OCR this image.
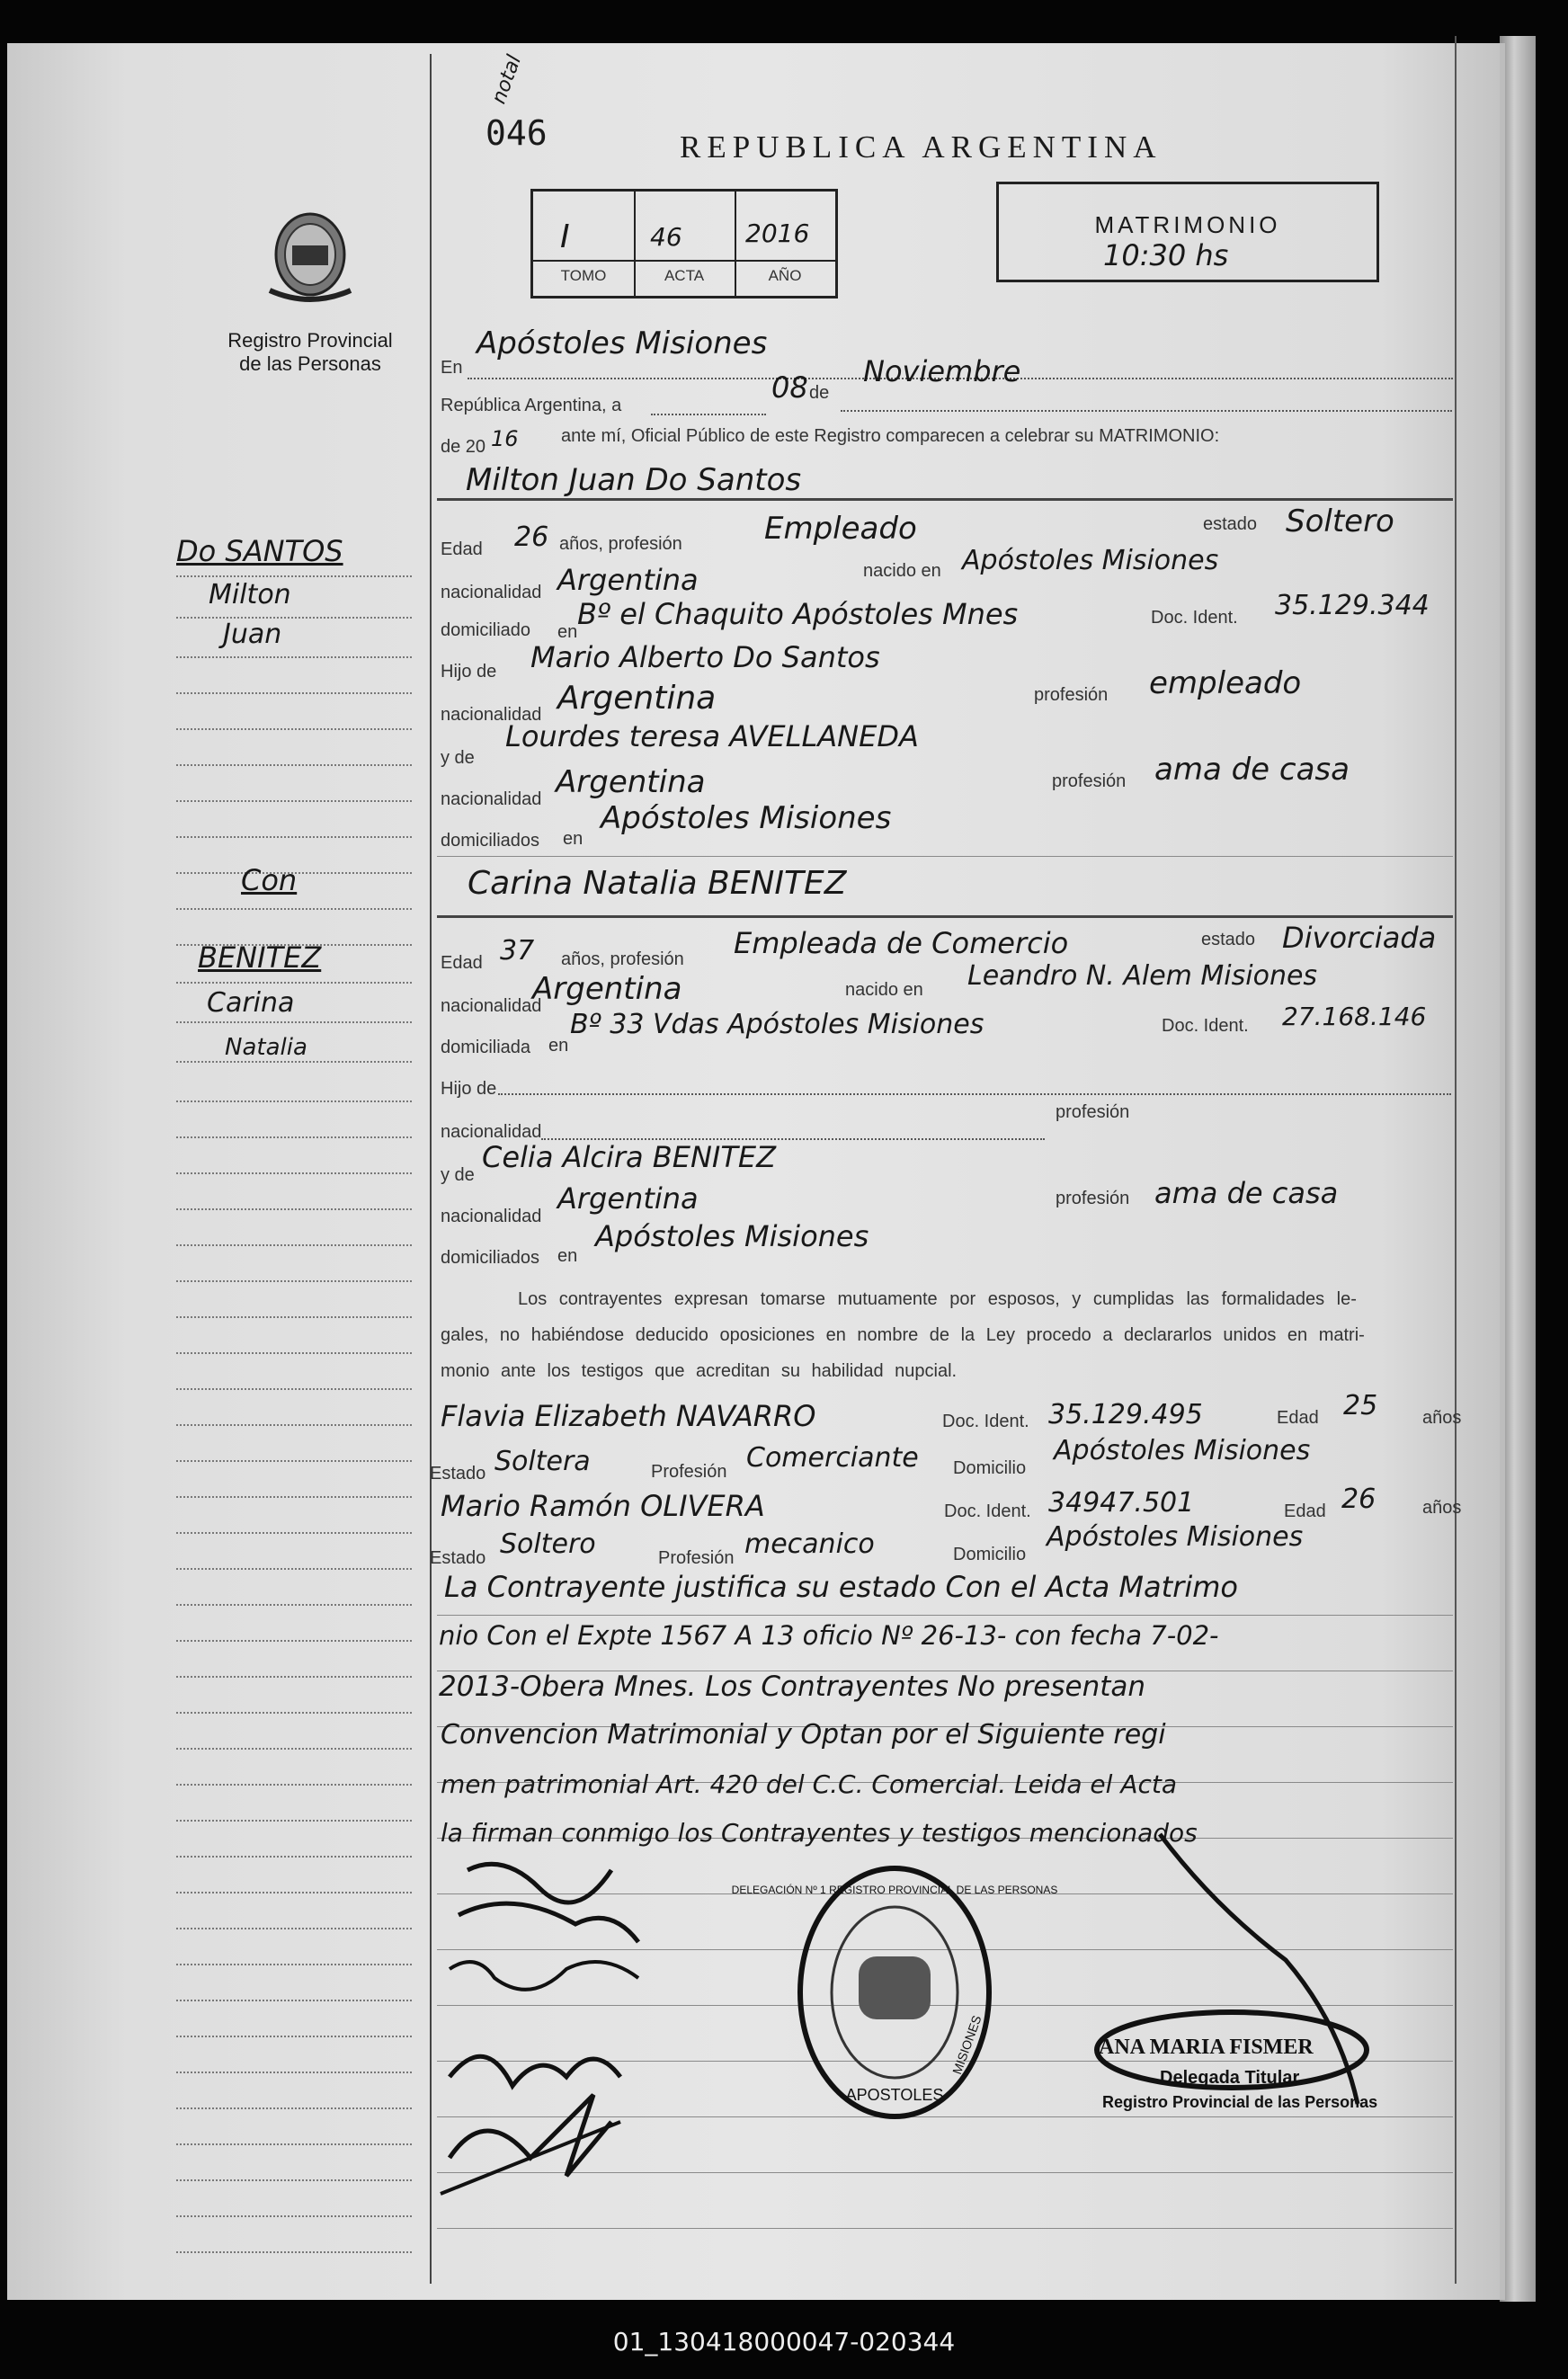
notal
046	REPUBLICA ARGENTINA
Registro Provincial
de las Personas
I	46	2016
TOMO	ACTA	AÑO
MATRIMONIO
10:30 hs
En
Apóstoles Misiones
República Argentina, a
08 de
Noviembre
de 20 16 ante mí, Oficial Público de este Registro comparecen a celebrar su MATRIMONIO:
Milton Juan Do Santos
Edad 26 años, profesión	Empleado	estado Soltero
nacionalidad Argentina	nacido en Apóstoles Misiones
domiciliado en
Bº el Chaquito Apóstoles Mnes	Doc. Ident. 35.129.344
Hijo de Mario Alberto Do Santos
nacionalidad Argentina	profesión empleado
y de
Lourdes teresa AVELLANEDA
nacionalidad Argentina	profesión ama de casa
domiciliados en
Apóstoles Misiones
Carina Natalia BENITEZ
Edad 37 años, profesión Empleada de Comercio	estado Divorciada
nacionalidad
Argentina	nacido en Leandro N. Alem Misiones
domiciliada en
Bº 33 Vdas Apóstoles Misiones	Doc. Ident. 27.168.146
Hijo de
nacionalidad
profesión
y de
Celia Alcira BENITEZ
nacionalidad
Argentina	profesión ama de casa
domiciliados en
Apóstoles Misiones
Los contrayentes expresan tomarse mutuamente por esposos, y cumplidas las formalidades le-
gales, no habiéndose deducido oposiciones en nombre de la Ley procedo a declararlos unidos en matri-
monio ante los testigos que acreditan su habilidad nupcial.
Flavia Elizabeth NAVARRO	Doc. Ident. 35.129.495	Edad 25 años
Estado Soltera	Profesión Comerciante Domicilio
Apóstoles Misiones
Mario Ramón OLIVERA	Doc. Ident. 34947.501	Edad 26	años
Estado Soltero	Profesión mecanico	Domicilio
Apóstoles Misiones
La Contrayente justifica su estado Con el Acta Matrimo
nio Con el Expte 1567 A 13 oficio Nº 26-13- con fecha 7-02-
2013-Obera Mnes. Los Contrayentes No presentan
Convencion Matrimonial y Optan por el Siguiente regi
men patrimonial Art. 420 del C.C. Comercial. Leida el Acta
la firman conmigo los Contrayentes y testigos mencionados
Do SANTOS
Milton
Juan
Con
BENITEZ
Carina
Natalia
APOSTOLES
DELEGACIÓN Nº 1 REGISTRO PROVINCIAL DE LAS PERSONAS
MISIONES	ANA MARIA FISMER
Delegada Titular
Registro Provincial de las Personas
01_130418000047-020344
